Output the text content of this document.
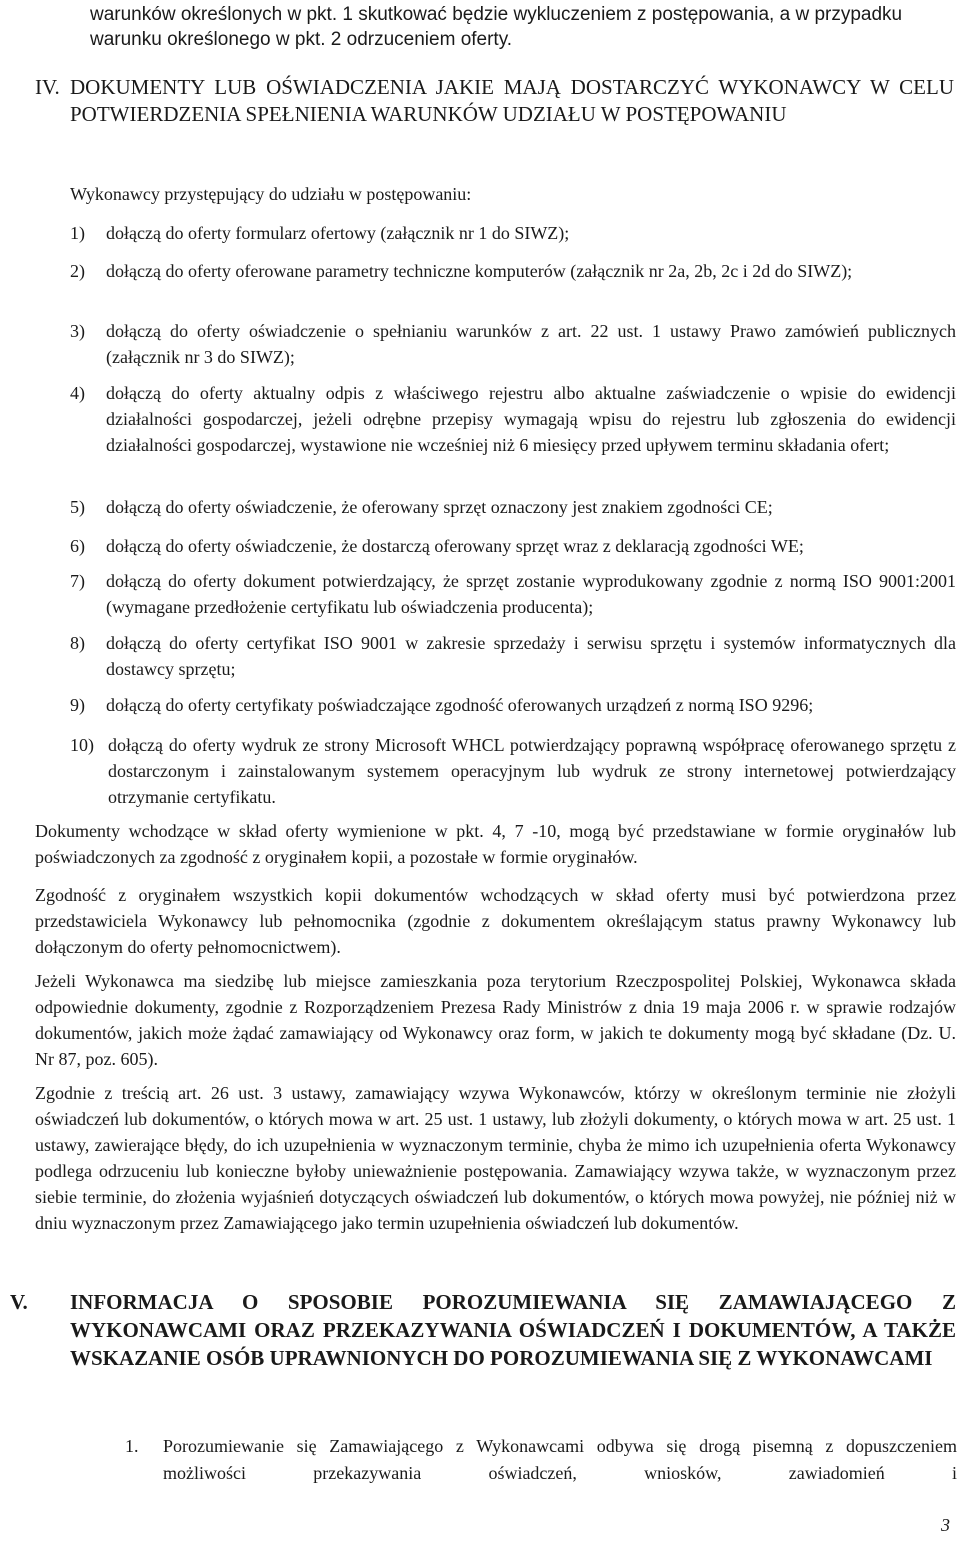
warunków określonych w pkt. 1 skutkować będzie wykluczeniem z postępowania, a w przypadku warunku określonego w pkt. 2 odrzuceniem oferty.
IV. DOKUMENTY LUB OŚWIADCZENIA JAKIE MAJĄ DOSTARCZYĆ WYKONAWCY W CELU POTWIERDZENIA SPEŁNIENIA WARUNKÓW UDZIAŁU W POSTĘPOWANIU
Wykonawcy przystępujący do udziału w postępowaniu:
1) dołączą do oferty formularz ofertowy (załącznik nr 1 do SIWZ);
2) dołączą do oferty oferowane parametry techniczne komputerów (załącznik nr 2a, 2b, 2c i 2d do SIWZ);
3) dołączą do oferty oświadczenie o spełnianiu warunków z art. 22 ust. 1 ustawy Prawo zamówień publicznych (załącznik nr 3 do SIWZ);
4) dołączą do oferty aktualny odpis z właściwego rejestru albo aktualne zaświadczenie o wpisie do ewidencji działalności gospodarczej, jeżeli odrębne przepisy wymagają wpisu do rejestru lub zgłoszenia do ewidencji działalności gospodarczej, wystawione nie wcześniej niż 6 miesięcy przed upływem terminu składania ofert;
5) dołączą do oferty oświadczenie, że oferowany sprzęt oznaczony jest znakiem zgodności CE;
6) dołączą do oferty oświadczenie, że dostarczą oferowany sprzęt wraz z deklaracją zgodności WE;
7) dołączą do oferty dokument potwierdzający, że sprzęt zostanie wyprodukowany zgodnie z normą ISO 9001:2001 (wymagane przedłożenie certyfikatu lub oświadczenia producenta);
8) dołączą do oferty certyfikat ISO 9001 w zakresie sprzedaży i serwisu sprzętu i systemów informatycznych dla dostawcy sprzętu;
9) dołączą do oferty certyfikaty poświadczające zgodność oferowanych urządzeń z normą ISO 9296;
10) dołączą do oferty wydruk ze strony Microsoft WHCL potwierdzający poprawną współpracę oferowanego sprzętu z dostarczonym i zainstalowanym systemem operacyjnym lub wydruk ze strony internetowej potwierdzający otrzymanie certyfikatu.

Dokumenty wchodzące w skład oferty wymienione w pkt. 4, 7 -10, mogą być przedstawiane w formie oryginałów lub poświadczonych za zgodność z oryginałem kopii, a pozostałe w formie oryginałów.

Zgodność z oryginałem wszystkich kopii dokumentów wchodzących w skład oferty musi być potwierdzona przez przedstawiciela Wykonawcy lub pełnomocnika (zgodnie z dokumentem określającym status prawny Wykonawcy lub dołączonym do oferty pełnomocnictwem).

Jeżeli Wykonawca ma siedzibę lub miejsce zamieszkania poza terytorium Rzeczpospolitej Polskiej, Wykonawca składa odpowiednie dokumenty, zgodnie z Rozporządzeniem Prezesa Rady Ministrów z dnia 19 maja 2006 r. w sprawie rodzajów dokumentów, jakich może żądać zamawiający od Wykonawcy oraz form, w jakich te dokumenty mogą być składane (Dz. U. Nr 87, poz. 605).

Zgodnie z treścią art. 26 ust. 3 ustawy, zamawiający wzywa Wykonawców, którzy w określonym terminie nie złożyli oświadczeń lub dokumentów, o których mowa w art. 25 ust. 1 ustawy, lub złożyli dokumenty, o których mowa w art. 25 ust. 1 ustawy, zawierające błędy, do ich uzupełnienia w wyznaczonym terminie, chyba że mimo ich uzupełnienia oferta Wykonawcy podlega odrzuceniu lub konieczne byłoby unieważnienie postępowania. Zamawiający wzywa także, w wyznaczonym przez siebie terminie, do złożenia wyjaśnień dotyczących oświadczeń lub dokumentów, o których mowa powyżej, nie później niż w dniu wyznaczonym przez Zamawiającego jako termin uzupełnienia oświadczeń lub dokumentów.

V. INFORMACJA O SPOSOBIE POROZUMIEWANIA SIĘ ZAMAWIAJĄCEGO Z WYKONAWCAMI ORAZ PRZEKAZYWANIA OŚWIADCZEŃ I DOKUMENTÓW, A TAKŻE WSKAZANIE OSÓB UPRAWNIONYCH DO POROZUMIEWANIA SIĘ Z WYKONAWCAMI
1. Porozumiewanie się Zamawiającego z Wykonawcami odbywa się drogą pisemną z dopuszczeniem możliwości przekazywania oświadczeń, wniosków, zawiadomień i
3
